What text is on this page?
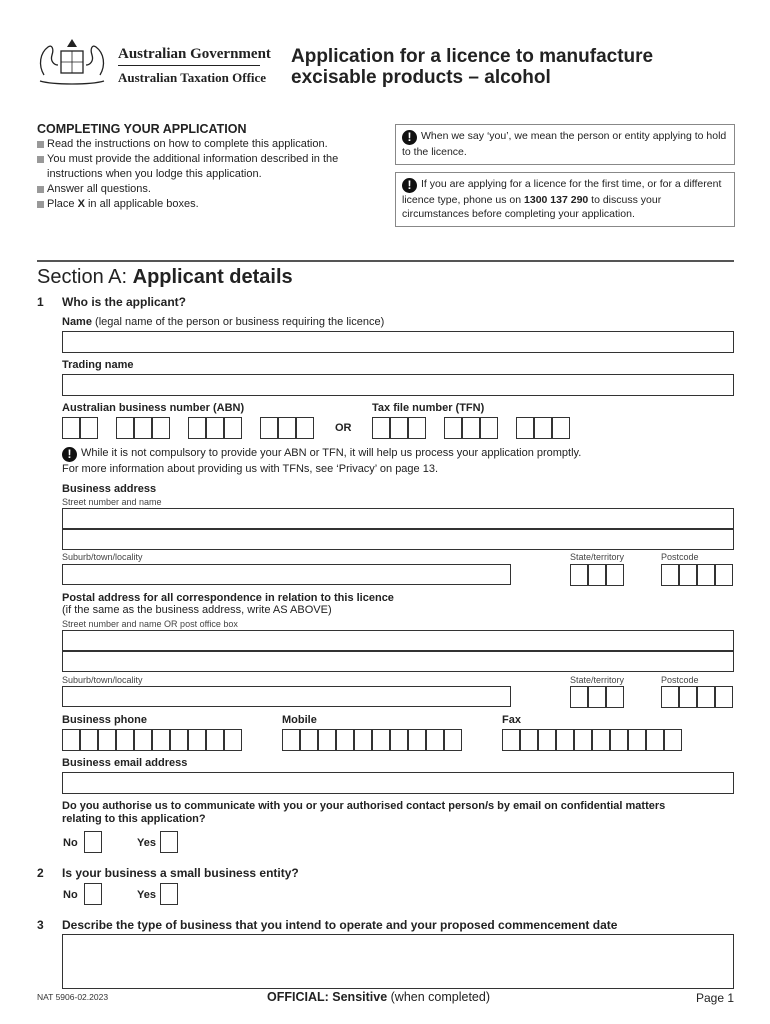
Australian Government
Australian Taxation Office
Application for a licence to manufacture
excisable products – alcohol
COMPLETING YOUR APPLICATION
Read the instructions on how to complete this application.
You must provide the additional information described in the instructions when you lodge this application.
Answer all questions.
Place X in all applicable boxes.
! When we say ‘you’, we mean the person or entity applying to hold to the licence.
! If you are applying for a licence for the first time, or for a different licence type, phone us on 1300 137 290 to discuss your circumstances before completing your application.
Section A: Applicant details
1 Who is the applicant?
Name (legal name of the person or business requiring the licence)
Trading name
Australian business number (ABN)	Tax file number (TFN)
OR
! While it is not compulsory to provide your ABN or TFN, it will help us process your application promptly.
For more information about providing us with TFNs, see ‘Privacy’ on page 13.
Business address
Street number and name
Suburb/town/locality	State/territory	Postcode
Postal address for all correspondence in relation to this licence
(if the same as the business address, write AS ABOVE)
Street number and name OR post office box
Suburb/town/locality	State/territory	Postcode
Business phone	Mobile	Fax
Business email address
Do you authorise us to communicate with you or your authorised contact person/s by email on confidential matters
relating to this application?
No	Yes
2 Is your business a small business entity?
No	Yes
3 Describe the type of business that you intend to operate and your proposed commencement date
NAT 5906-02.2023	OFFICIAL: Sensitive (when completed)	Page 1
